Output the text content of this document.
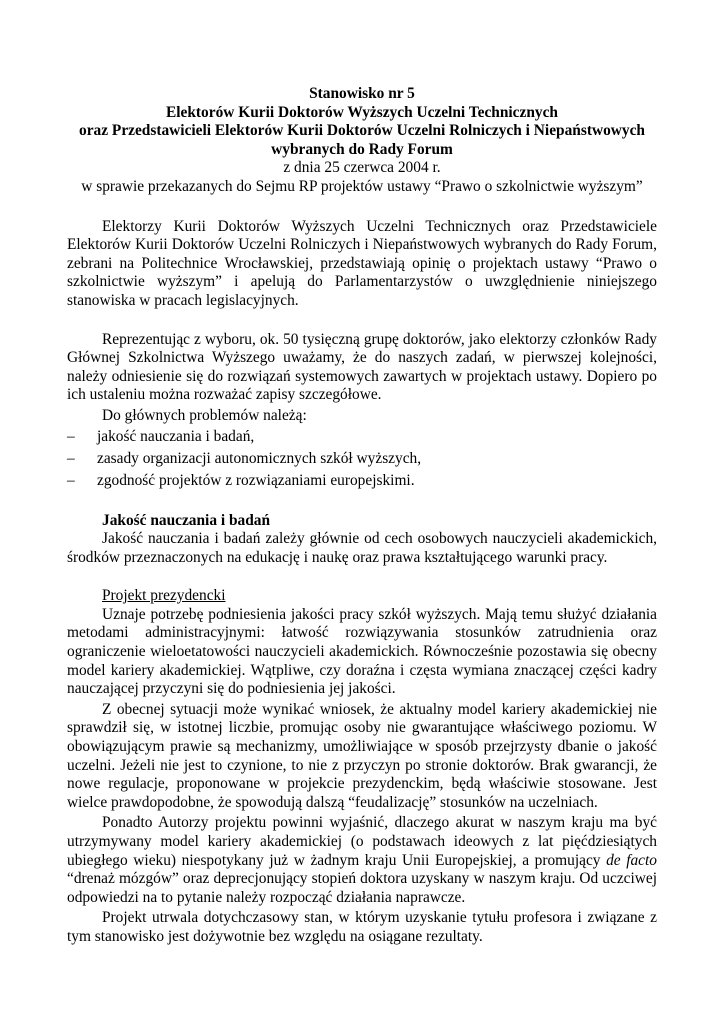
Stanowisko nr 5
Elektorów Kurii Doktorów Wyższych Uczelni Technicznych
oraz Przedstawicieli Elektorów Kurii Doktorów Uczelni Rolniczych i Niepaństwowych
wybranych do Rady Forum
z dnia 25 czerwca 2004 r.
w sprawie przekazanych do Sejmu RP projektów ustawy “Prawo o szkolnictwie wyższym”

Elektorzy Kurii Doktorów Wyższych Uczelni Technicznych oraz Przedstawiciele Elektorów Kurii Doktorów Uczelni Rolniczych i Niepaństwowych wybranych do Rady Forum, zebrani na Politechnice Wrocławskiej, przedstawiają opinię o projektach ustawy “Prawo o szkolnictwie wyższym” i apelują do Parlamentarzystów o uwzględnienie niniejszego stanowiska w pracach legislacyjnych.

Reprezentując z wyboru, ok. 50 tysięczną grupę doktorów, jako elektorzy członków Rady Głównej Szkolnictwa Wyższego uważamy, że do naszych zadań, w pierwszej kolejności, należy odniesienie się do rozwiązań systemowych zawartych w projektach ustawy. Dopiero po ich ustaleniu można rozważać zapisy szczegółowe.

Do głównych problemów należą:

– jakość nauczania i badań,
– zasady organizacji autonomicznych szkół wyższych,
– zgodność projektów z rozwiązaniami europejskimi.
Jakość nauczania i badań

Jakość nauczania i badań zależy głównie od cech osobowych nauczycieli akademickich, środków przeznaczonych na edukację i naukę oraz prawa kształtującego warunki pracy.

Projekt prezydencki

Uznaje potrzebę podniesienia jakości pracy szkół wyższych. Mają temu służyć działania metodami administracyjnymi: łatwość rozwiązywania stosunków zatrudnienia oraz ograniczenie wieloetatowości nauczycieli akademickich. Równocześnie pozostawia się obecny model kariery akademickiej. Wątpliwe, czy doraźna i częsta wymiana znaczącej części kadry nauczającej przyczyni się do podniesienia jej jakości.

Z obecnej sytuacji może wynikać wniosek, że aktualny model kariery akademickiej nie sprawdził się, w istotnej liczbie, promując osoby nie gwarantujące właściwego poziomu. W obowiązującym prawie są mechanizmy, umożliwiające w sposób przejrzysty dbanie o jakość uczelni. Jeżeli nie jest to czynione, to nie z przyczyn po stronie doktorów. Brak gwarancji, że nowe regulacje, proponowane w projekcie prezydenckim, będą właściwie stosowane. Jest wielce prawdopodobne, że spowodują dalszą “feudalizację” stosunków na uczelniach.

Ponadto Autorzy projektu powinni wyjaśnić, dlaczego akurat w naszym kraju ma być utrzymywany model kariery akademickiej (o podstawach ideowych z lat pięćdziesiątych ubiegłego wieku) niespotykany już w żadnym kraju Unii Europejskiej, a promujący de facto “drenaż mózgów” oraz deprecjonujący stopień doktora uzyskany w naszym kraju. Od uczciwej odpowiedzi na to pytanie należy rozpocząć działania naprawcze.

Projekt utrwala dotychczasowy stan, w którym uzyskanie tytułu profesora i związane z tym stanowisko jest dożywotnie bez względu na osiągane rezultaty.
